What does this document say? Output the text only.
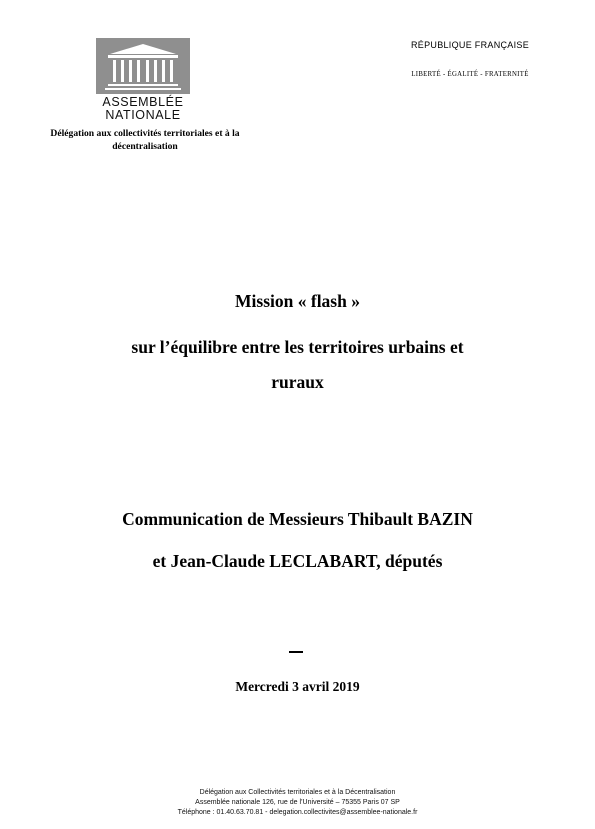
ASSEMBLÉE
NATIONALE
Délégation aux collectivités territoriales et à la
décentralisation
RÉPUBLIQUE FRANÇAISE
LIBERTÉ - ÉGALITÉ - FRATERNITÉ
Mission « flash »
sur l’équilibre entre les territoires urbains et
ruraux
Communication de Messieurs Thibault BAZIN
et Jean-Claude LECLABART, députés
Mercredi 3 avril 2019
Délégation aux Collectivités territoriales et à la Décentralisation
Assemblée nationale 126, rue de l’Université – 75355 Paris 07 SP
Téléphone : 01.40.63.70.81 - delegation.collectivites@assemblee-nationale.fr
